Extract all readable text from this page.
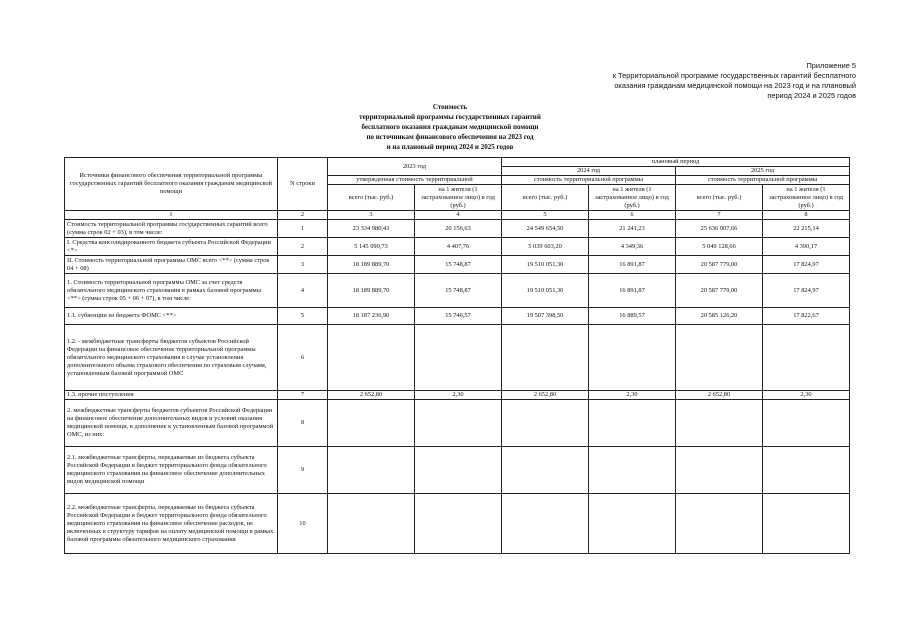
Приложение 5
к Территориальной программе государственных гарантий бесплатного
оказания гражданам медицинской помощи на 2023 год и на плановый
период 2024 и 2025 годов
Стоимость
территориальной программы государственных гарантий
бесплатного оказания гражданам медицинской помощи
по источникам финансового обеспечения на 2023 год
и на плановый период 2024 и 2025 годов
Источники финансового обеспечения территориальной программы государственных гарантий бесплатного оказания гражданам медицинской помощи	N строки	2023 год		плановый период			
				2024 год		2025 год	
		утвержденная стоимость территориальной		стоимость территориальной программы		стоимость территориальной программы	
		всего (тыс. руб.)	на 1 жителя (1 застрахованное лицо) в год (руб.)	всего (тыс. руб.)	на 1 жителя (1 застрахованное лицо) в год (руб.)	всего (тыс. руб.)	на 1 жителя (1 застрахованное лицо) в год (руб.)
1	2	3	4	5	6	7	8
Стоимость территориальной программы государственных гарантий всего (сумма строк 02 + 03), в том числе:	1	23 334 980,43	20 156,63	24 549 654,50	21 241,23	25 636 907,66	22 215,14
I. Средства консолидированного бюджета субъекта Российской Федерации <*>	2	5 145 090,73	4 407,76	5 039 603,20	4 349,36	5 049 128,66	4 390,17
II. Стоимость территориальной программы ОМС всего <**> (сумма строк 04 + 08)	3	18 189 889,70	15 748,87	19 510 051,30	16 891,87	20 587 779,00	17 824,97
1. Стоимость территориальной программы ОМС за счет средств обязательного медицинского страхования в рамках базовой программы <**> (сумма строк 05 + 06 + 07), в том числе:	4	18 189 889,70	15 748,87	19 510 051,30	16 891,87	20 587 779,00	17 824,97
1.1. субвенции из бюджета ФОМС <**>	5	18 187 236,90	15 746,57	19 507 398,50	16 889,57	20 585 126,20	17 822,67
1.2. - межбюджетные трансферты бюджетов субъектов Российской Федерации на финансовое обеспечение территориальной программы обязательного медицинского страхования в случае установления дополнительного объема страхового обеспечения по страховым случаям, установленным базовой программой ОМС	6						
1.3. прочие поступления	7	2 652,80	2,30	2 652,80	2,30	2 652,80	2,30
2. межбюджетные трансферты бюджетов субъектов Российской Федерации на финансовое обеспечение дополнительных видов и условий оказания медицинской помощи, в дополнение к установленным базовой программой ОМС, из них:	8						
2.1. межбюджетные трансферты, передаваемые из бюджета субъекта Российской Федерации в бюджет территориального фонда обязательного медицинского страхования на финансовое обеспечение дополнительных видов медицинской помощи	9						
2.2. межбюджетные трансферты, передаваемые из бюджета субъекта Российской Федерации в бюджет территориального фонда обязательного медицинского страхования на финансовое обеспечение расходов, не включенных в структуру тарифов на оплату медицинской помощи в рамках базовой программы обязательного медицинского страхования	10						
